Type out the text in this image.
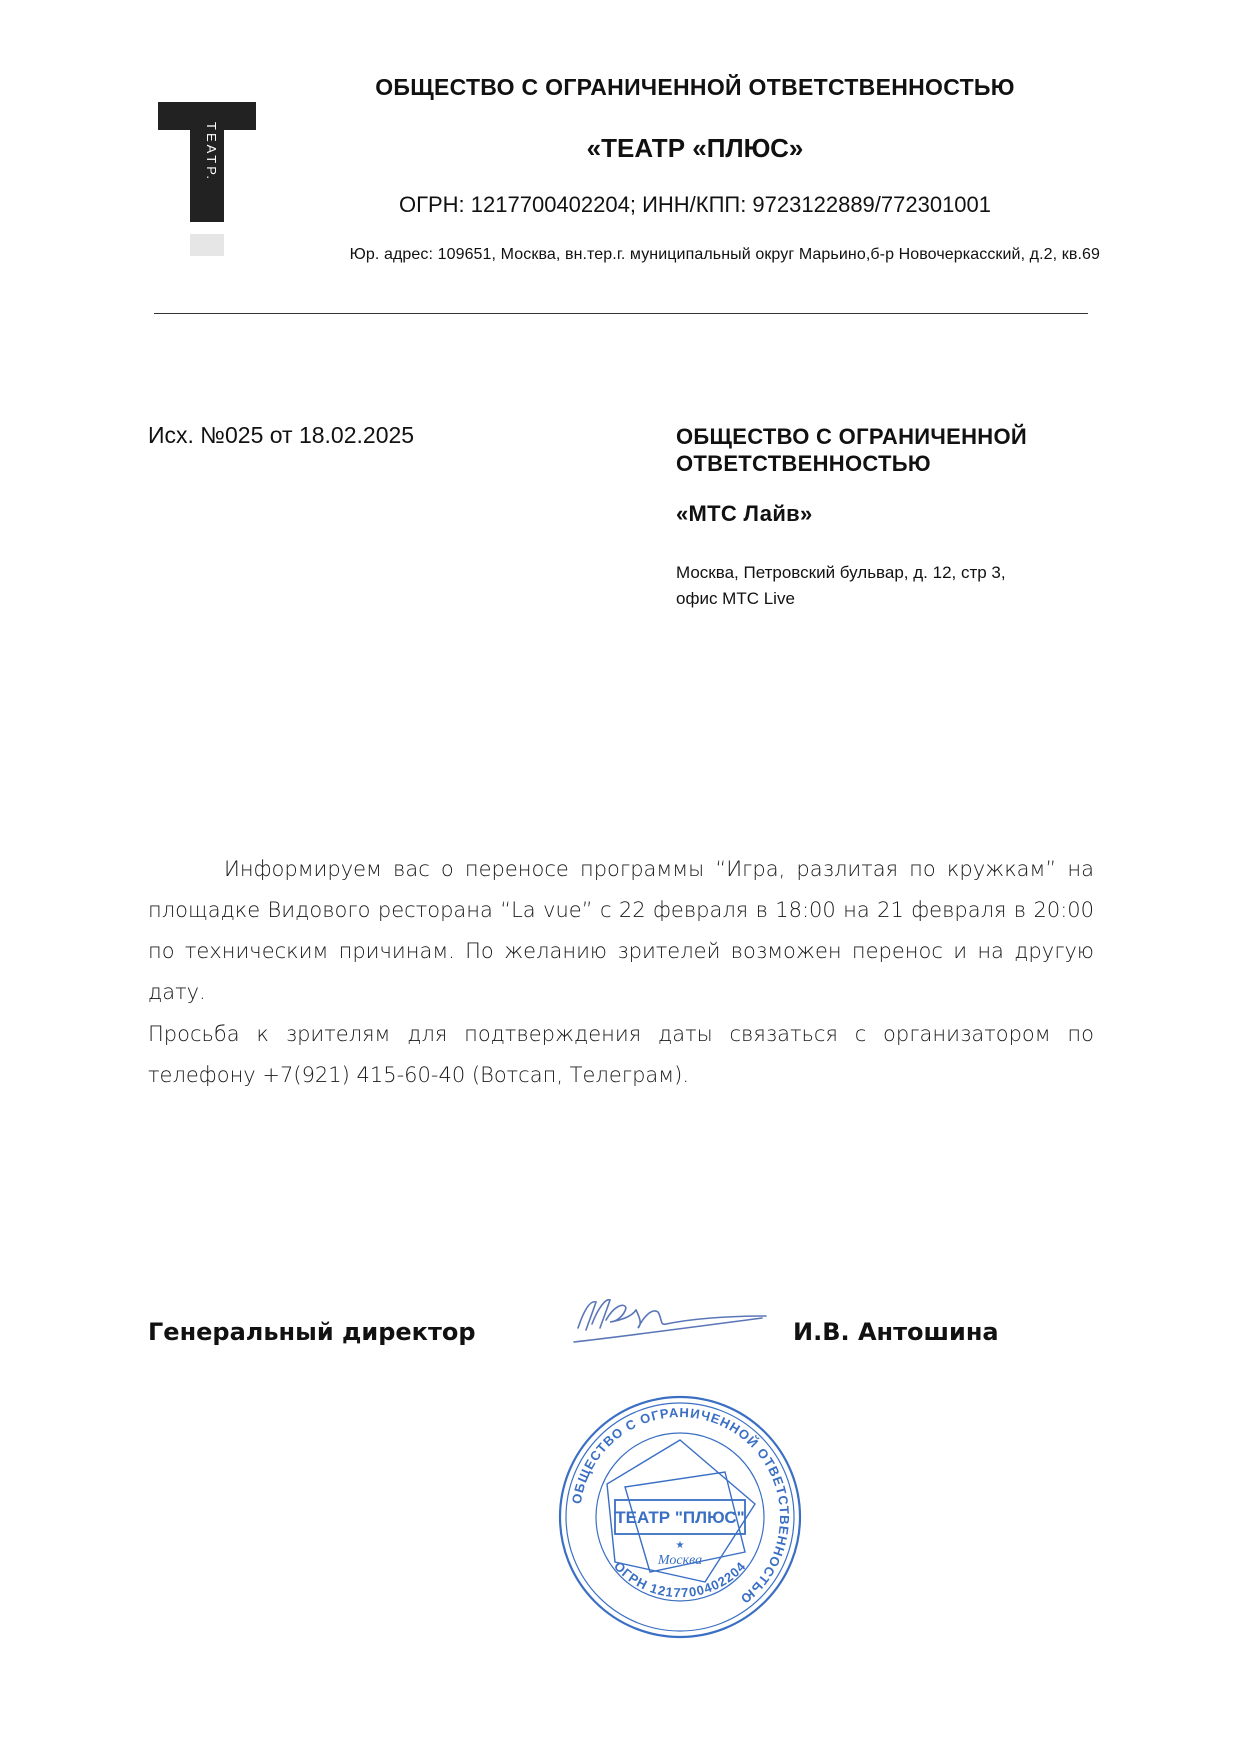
ТЕАТР.
ОБЩЕСТВО С ОГРАНИЧЕННОЙ ОТВЕТСТВЕННОСТЬЮ
«ТЕАТР «ПЛЮС»
ОГРН: 1217700402204; ИНН/КПП: 9723122889/772301001
Юр. адрес: 109651, Москва, вн.тер.г. муниципальный округ Марьино,б-р Новочеркасский, д.2, кв.69
Исх. №025 от 18.02.2025	ОБЩЕСТВО С ОГРАНИЧЕННОЙ ОТВЕТСТВЕННОСТЬЮ
«МТС Лайв»
Москва, Петровский бульвар, д. 12, стр 3,
офис МТС Live

Информируем вас о переносе программы “Игра, разлитая по кружкам” на площадке Видового ресторана “La vue” с 22 февраля в 18:00 на 21 февраля в 20:00 по техническим причинам. По желанию зрителей возможен перенос и на другую дату.

Просьба к зрителям для подтверждения даты связаться с организатором по телефону +7(921) 415-60-40 (Вотсап, Телеграм).

Генеральный директор	И.В. Антошина
ОБЩЕСТВО С ОГРАНИЧЕННОЙ ОТВЕТСТВЕННОСТЬЮ
ОГРН 1217700402204
ТЕАТР "ПЛЮС"
★
Москва
